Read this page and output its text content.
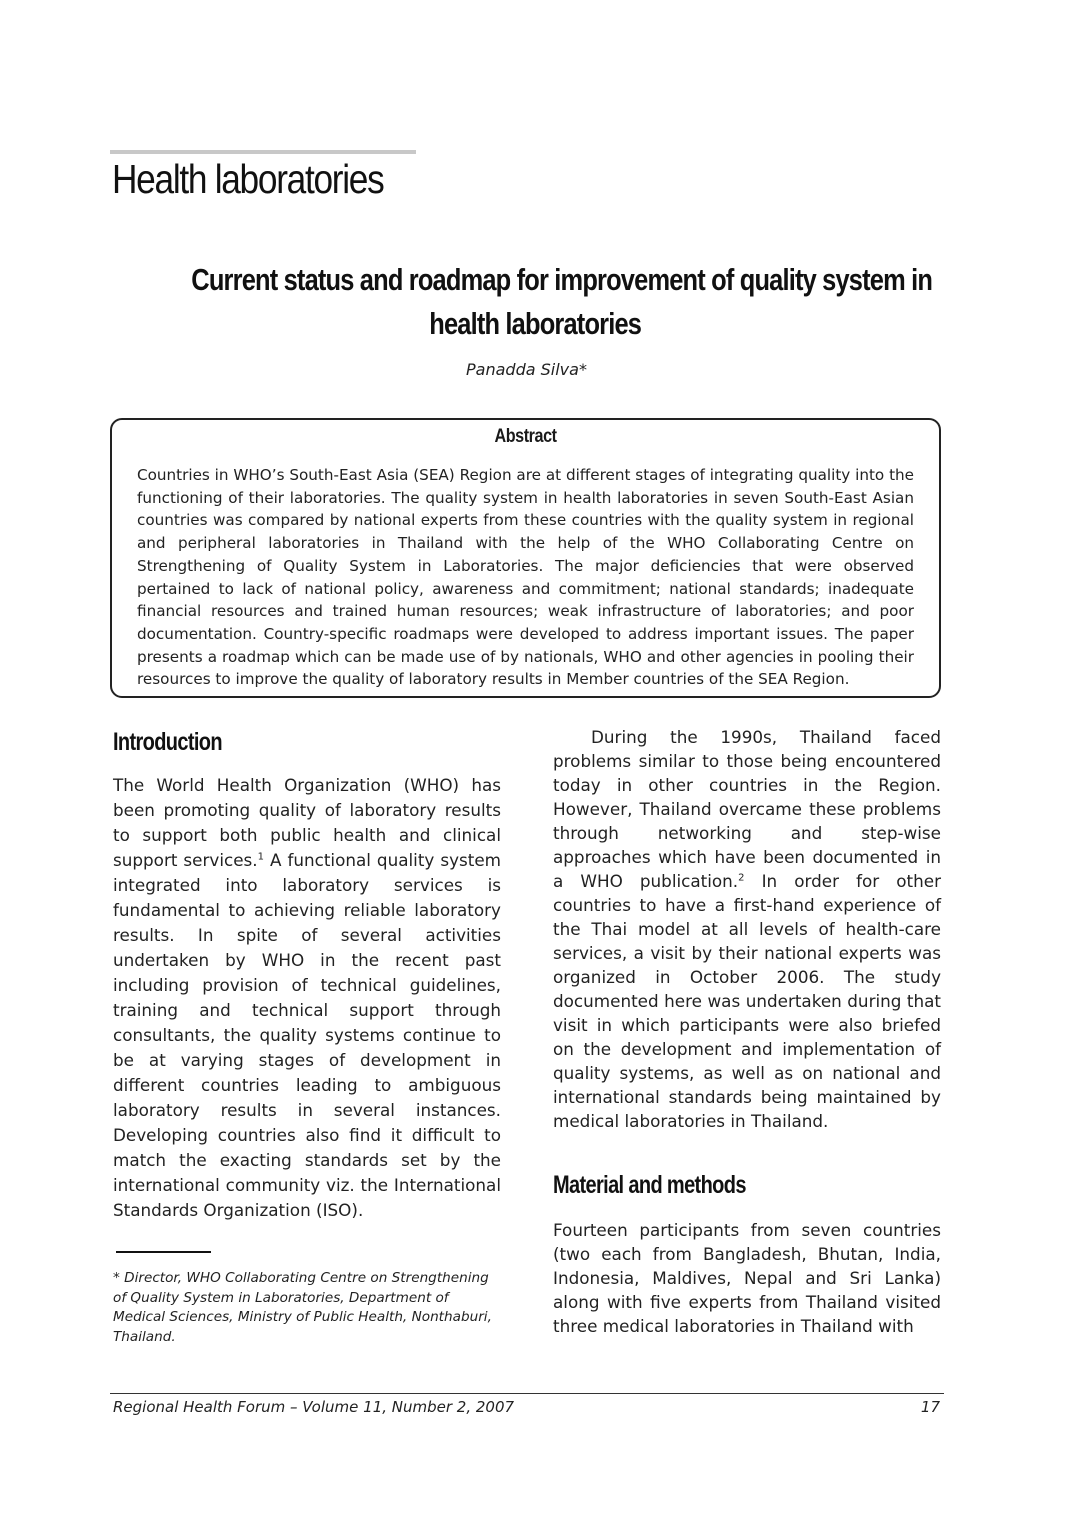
Health laboratories
Current status and roadmap for improvement of quality system in
health laboratories
Panadda Silva*
Abstract

Countries in WHO’s South-East Asia (SEA) Region are at different stages of integrating quality into the functioning of their laboratories. The quality system in health laboratories in seven South-East Asian countries was compared by national experts from these countries with the quality system in regional and peripheral laboratories in Thailand with the help of the WHO Collaborating Centre on Strengthening of Quality System in Laboratories. The major deficiencies that were observed pertained to lack of national policy, awareness and commitment; national standards; inadequate financial resources and trained human resources; weak infrastructure of laboratories; and poor documentation. Country-specific roadmaps were developed to address important issues. The paper presents a roadmap which can be made use of by nationals, WHO and other agencies in pooling their resources to improve the quality of laboratory results in Member countries of the SEA Region.

Introduction

The World Health Organization (WHO) has been promoting quality of laboratory results to support both public health and clinical support services.$^1$ A functional quality system integrated into laboratory services is fundamental to achieving reliable laboratory results. In spite of several activities undertaken by WHO in the recent past including provision of technical guidelines, training and technical support through consultants, the quality systems continue to be at varying stages of development in different countries leading to ambiguous laboratory results in several instances. Developing countries also find it difficult to match the exacting standards set by the international community viz. the International Standards Organization (ISO).

During the 1990s, Thailand faced problems similar to those being encountered today in other countries in the Region. However, Thailand overcame these problems through networking and step-wise approaches which have been documented in a WHO publication.$^2$ In order for other countries to have a first-hand experience of the Thai model at all levels of health-care services, a visit by their national experts was organized in October 2006. The study documented here was undertaken during that visit in which participants were also briefed on the development and implementation of quality systems, as well as on national and international standards being maintained by medical laboratories in Thailand.

Material and methods

Fourteen participants from seven countries (two each from Bangladesh, Bhutan, India, Indonesia, Maldives, Nepal and Sri Lanka) along with five experts from Thailand visited three medical laboratories in Thailand with

* Director, WHO Collaborating Centre on Strengthening of Quality System in Laboratories, Department of Medical Sciences, Ministry of Public Health, Nonthaburi, Thailand.

Regional Health Forum – Volume 11, Number 2, 2007	17
